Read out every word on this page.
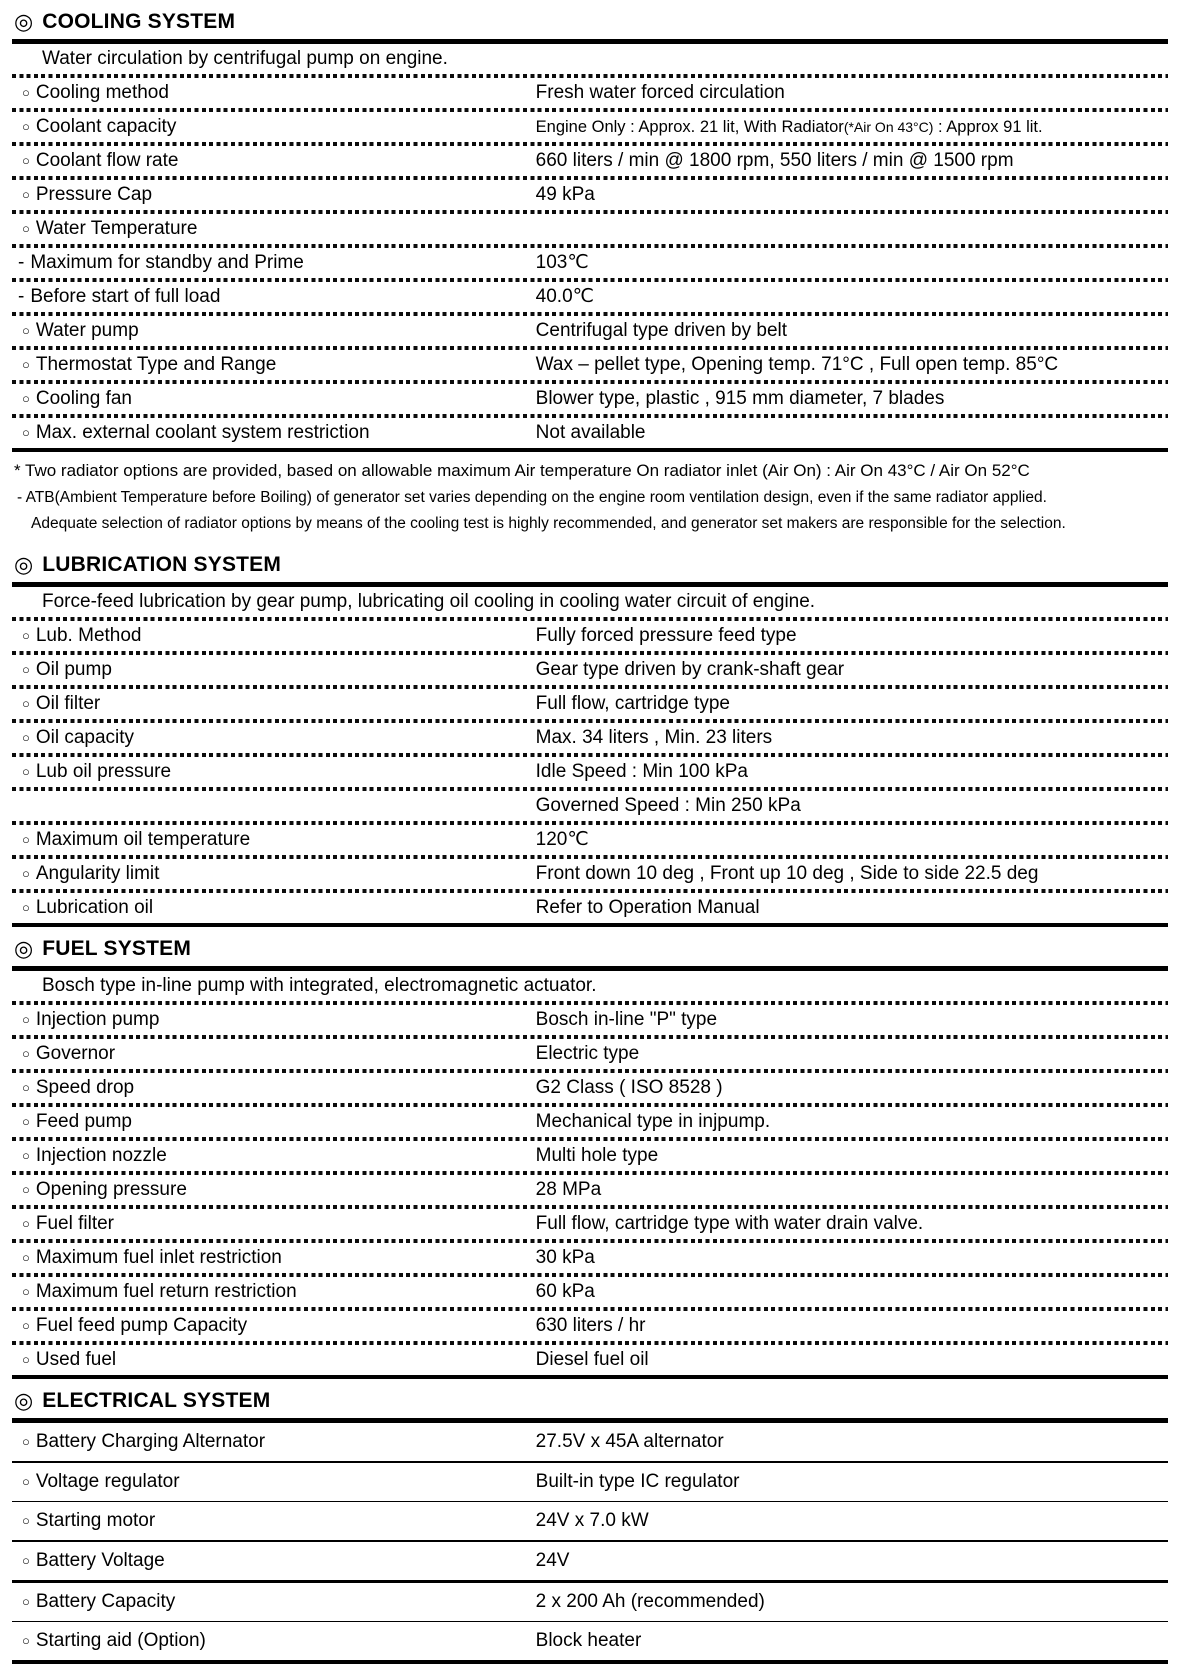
◎ COOLING SYSTEM
Water circulation by centrifugal pump on engine.
○ Cooling method	Fresh water forced circulation
○ Coolant capacity	Engine Only : Approx. 21 lit, With Radiator(*Air On 43°C) : Approx 91 lit.
○ Coolant flow rate	660 liters / min @ 1800 rpm, 550 liters / min @ 1500 rpm
○ Pressure Cap	49 kPa
○ Water Temperature
- Maximum for standby and Prime	103℃
- Before start of full load	40.0℃
○ Water pump	Centrifugal type driven by belt
○ Thermostat Type and Range	Wax – pellet type, Opening temp. 71°C , Full open temp. 85°C
○ Cooling fan	Blower type, plastic , 915 mm diameter, 7 blades
○ Max. external coolant system restriction	Not available
* Two radiator options are provided, based on allowable maximum Air temperature On radiator inlet (Air On) : Air On 43°C / Air On 52°C
- ATB(Ambient Temperature before Boiling) of generator set varies depending on the engine room ventilation design, even if the same radiator applied.
Adequate selection of radiator options by means of the cooling test is highly recommended, and generator set makers are responsible for the selection.
◎ LUBRICATION SYSTEM
Force-feed lubrication by gear pump, lubricating oil cooling in cooling water circuit of engine.
○ Lub. Method	Fully forced pressure feed type
○ Oil pump	Gear type driven by crank-shaft gear
○ Oil filter	Full flow, cartridge type
○ Oil capacity	Max. 34 liters , Min. 23 liters
○ Lub oil pressure	Idle Speed : Min 100 kPa
Governed Speed : Min 250 kPa
○ Maximum oil temperature	120℃
○ Angularity limit	Front down 10 deg , Front up 10 deg , Side to side 22.5 deg
○ Lubrication oil	Refer to Operation Manual
◎ FUEL SYSTEM
Bosch type in-line pump with integrated, electromagnetic actuator.
○ Injection pump	Bosch in-line "P" type
○ Governor	Electric type
○ Speed drop	G2 Class ( ISO 8528 )
○ Feed pump	Mechanical type in injpump.
○ Injection nozzle	Multi hole type
○ Opening pressure	28 MPa
○ Fuel filter	Full flow, cartridge type with water drain valve.
○ Maximum fuel inlet restriction	30 kPa
○ Maximum fuel return restriction	60 kPa
○ Fuel feed pump Capacity	630 liters / hr
○ Used fuel	Diesel fuel oil
◎ ELECTRICAL SYSTEM
○ Battery Charging Alternator	27.5V x 45A alternator
○ Voltage regulator	Built-in type IC regulator
○ Starting motor	24V x 7.0 kW
○ Battery Voltage	24V
○ Battery Capacity	2 x 200 Ah (recommended)
○ Starting aid (Option)	Block heater
